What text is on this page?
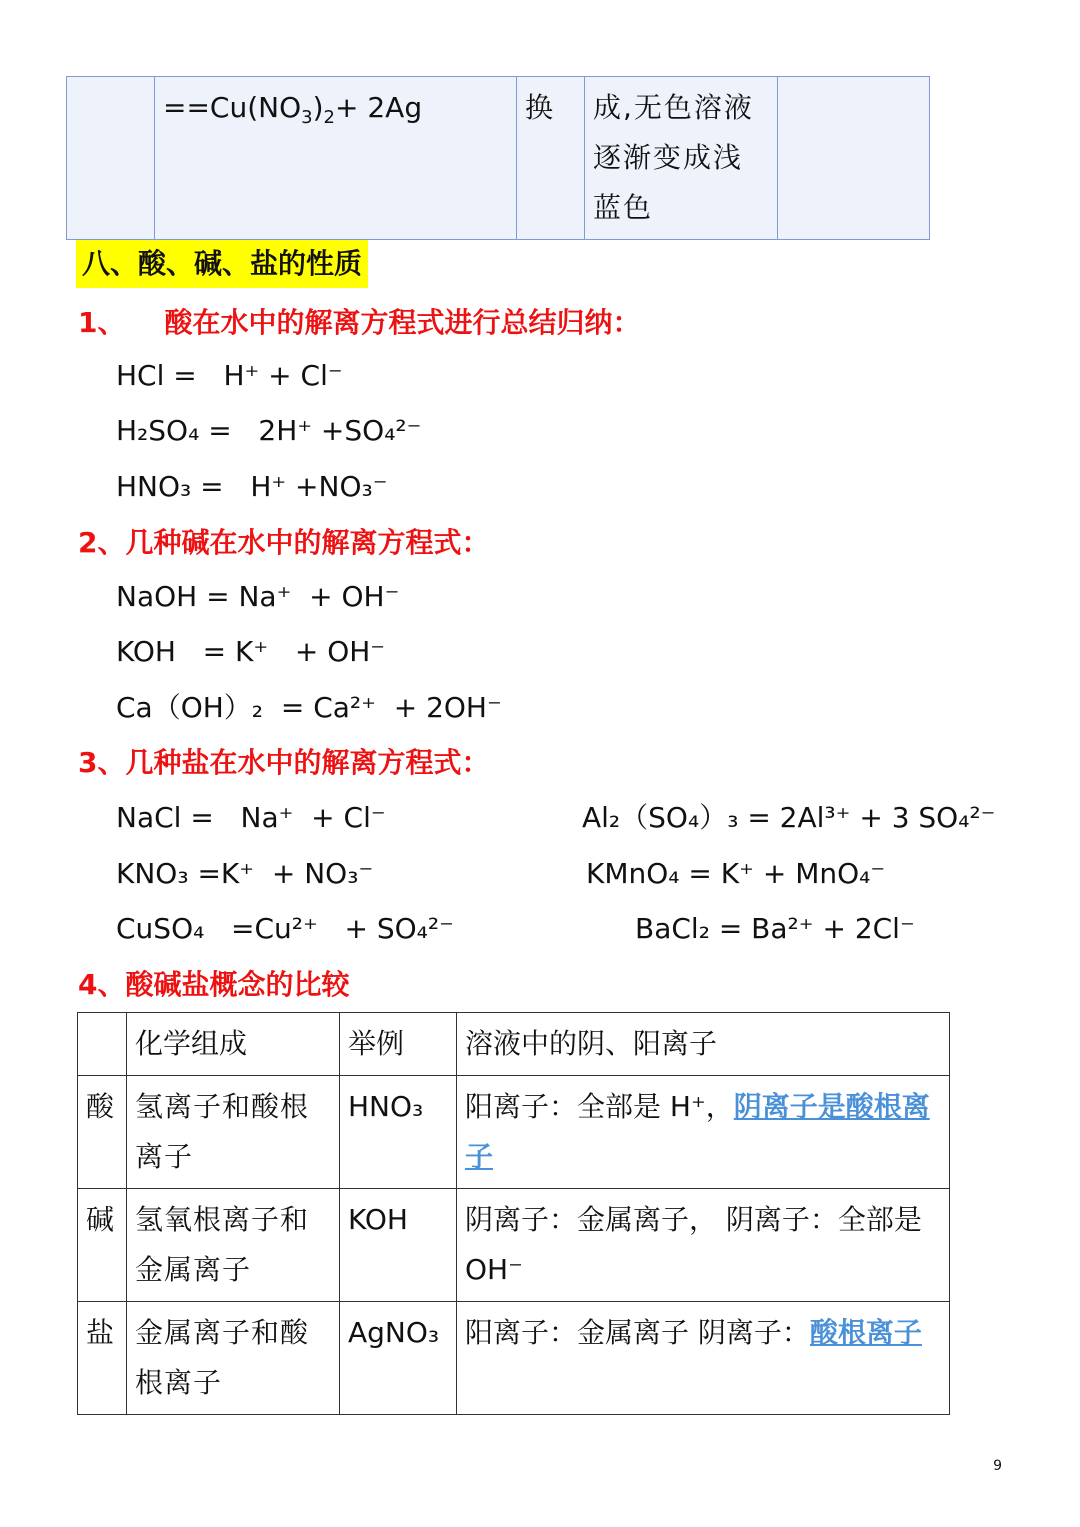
	$==Cu(NO_3)_2+ 2Ag$	换	成,无色溶液逐渐变成浅蓝色	
八、酸、碱、盐的性质
1、    酸在水中的解离方程式进行总结归纳：
HCl =   H⁺ + Cl⁻
H₂SO₄ =   2H⁺ +SO₄²⁻
HNO₃ =   H⁺ +NO₃⁻
2、几种碱在水中的解离方程式：
NaOH = Na⁺  + OH⁻
KOH   = K⁺   + OH⁻
Ca（OH）₂  = Ca²⁺  + 2OH⁻
3、几种盐在水中的解离方程式：
NaCl =   Na⁺  + Cl⁻
KNO₃ =K⁺  + NO₃⁻
CuSO₄   =Cu²⁺   + SO₄²⁻
Al₂（SO₄）₃ = 2Al³⁺ + 3 SO₄²⁻
KMnO₄ = K⁺ + MnO₄⁻
BaCl₂ = Ba²⁺ + 2Cl⁻
4、酸碱盐概念的比较
	化学组成	举例	溶液中的阴、阳离子
酸	氢离子和酸根离子	HNO₃	阳离子：全部是 H⁺，阴离子是酸根离子
碱	氢氧根离子和金属离子	KOH	阴离子：金属离子， 阴离子：全部是OH⁻
盐	金属离子和酸根离子	AgNO₃	阳离子：金属离子 阴离子：酸根离子
9
